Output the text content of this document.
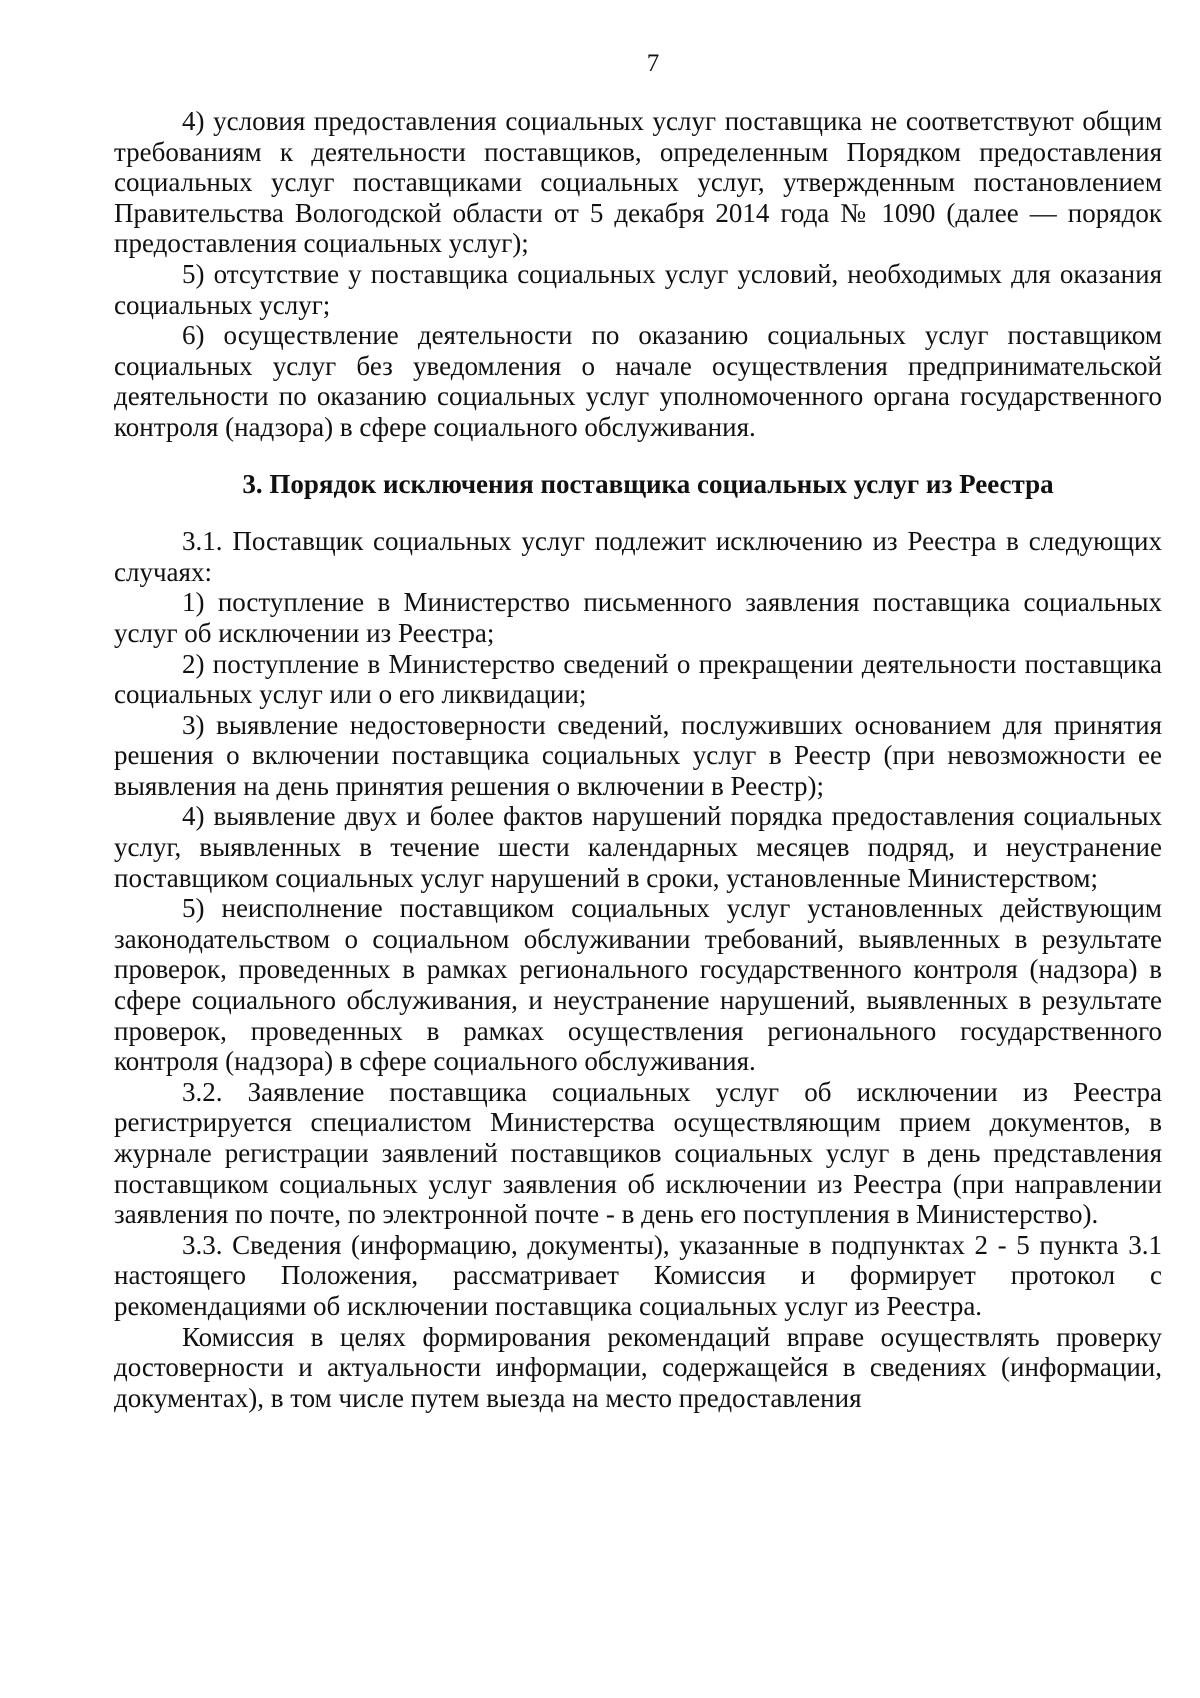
7

4) условия предоставления социальных услуг поставщика не соответствуют общим требованиям к деятельности поставщиков, определенным Порядком предоставления социальных услуг поставщиками социальных услуг, утвержденным постановлением Правительства Вологодской области от 5 декабря 2014 года № 1090 (далее — порядок предоставления социальных услуг);

5) отсутствие у поставщика социальных услуг условий, необходимых для оказания социальных услуг;

6) осуществление деятельности по оказанию социальных услуг поставщиком социальных услуг без уведомления о начале осуществления предпринимательской деятельности по оказанию социальных услуг уполномоченного органа государственного контроля (надзора) в сфере социального обслуживания.

3. Порядок исключения поставщика социальных услуг из Реестра

3.1. Поставщик социальных услуг подлежит исключению из Реестра в следующих случаях:

1) поступление в Министерство письменного заявления поставщика социальных услуг об исключении из Реестра;

2) поступление в Министерство сведений о прекращении деятельности поставщика социальных услуг или о его ликвидации;

3) выявление недостоверности сведений, послуживших основанием для принятия решения о включении поставщика социальных услуг в Реестр (при невозможности ее выявления на день принятия решения о включении в Реестр);

4) выявление двух и более фактов нарушений порядка предоставления социальных услуг, выявленных в течение шести календарных месяцев подряд, и неустранение поставщиком социальных услуг нарушений в сроки, установленные Министерством;

5) неисполнение поставщиком социальных услуг установленных действующим законодательством о социальном обслуживании требований, выявленных в результате проверок, проведенных в рамках регионального государственного контроля (надзора) в сфере социального обслуживания, и неустранение нарушений, выявленных в результате проверок, проведенных в рамках осуществления регионального государственного контроля (надзора) в сфере социального обслуживания.

3.2. Заявление поставщика социальных услуг об исключении из Реестра регистрируется специалистом Министерства осуществляющим прием документов, в журнале регистрации заявлений поставщиков социальных услуг в день представления поставщиком социальных услуг заявления об исключении из Реестра (при направлении заявления по почте, по электронной почте - в день его поступления в Министерство).

3.3. Сведения (информацию, документы), указанные в подпунктах 2 - 5 пункта 3.1 настоящего Положения, рассматривает Комиссия и формирует протокол с рекомендациями об исключении поставщика социальных услуг из Реестра.

Комиссия в целях формирования рекомендаций вправе осуществлять проверку достоверности и актуальности информации, содержащейся в сведениях (информации, документах), в том числе путем выезда на место предоставления
